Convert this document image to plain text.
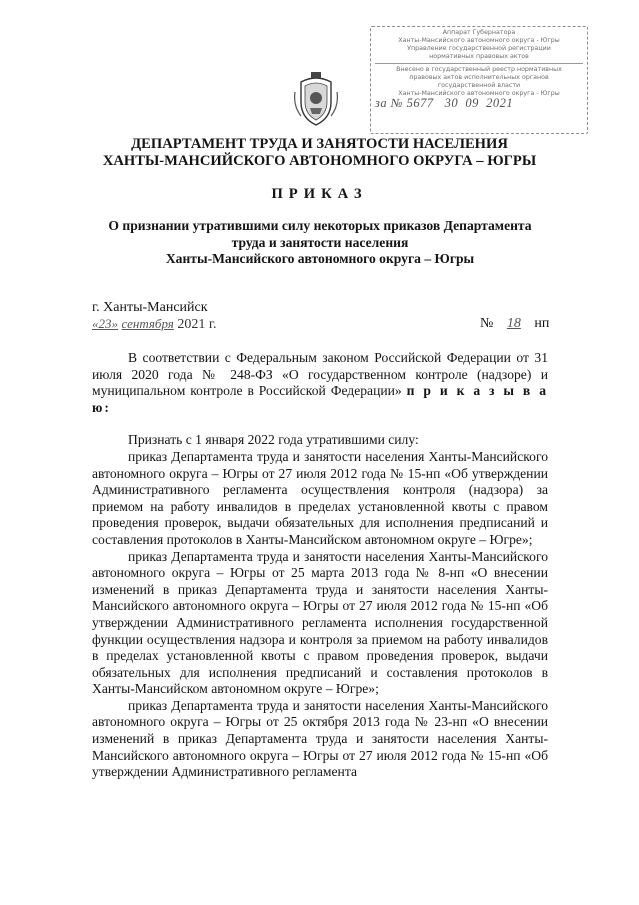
Аппарат Губернатора
Ханты-Мансийского автономного округа - Югры
Управление государственной регистрации
нормативных правовых актов
Внесено в государственный реестр нормативных
правовых актов исполнительных органов
государственной власти
Ханты-Мансийского автономного округа - Югры
за № 5677 30 09 2021
ДЕПАРТАМЕНТ ТРУДА И ЗАНЯТОСТИ НАСЕЛЕНИЯ
ХАНТЫ-МАНСИЙСКОГО АВТОНОМНОГО ОКРУГА – ЮГРЫ
ПРИКАЗ
О признании утратившими силу некоторых приказов Департамента
труда и занятости населения
Ханты-Мансийского автономного округа – Югры
г. Ханты-Мансийск
«23» сентября 2021 г.	№ 18 нп

В соответствии с Федеральным законом Российской Федерации от 31 июля 2020 года № 248-ФЗ «О государственном контроле (надзоре) и муниципальном контроле в Российской Федерации» п р и к а з ы в а ю:

Признать с 1 января 2022 года утратившими силу:

приказ Департамента труда и занятости населения Ханты-Мансийского автономного округа – Югры от 27 июля 2012 года № 15-нп «Об утверждении Административного регламента осуществления контроля (надзора) за приемом на работу инвалидов в пределах установленной квоты с правом проведения проверок, выдачи обязательных для исполнения предписаний и составления протоколов в Ханты-Мансийском автономном округе – Югре»;

приказ Департамента труда и занятости населения Ханты-Мансийского автономного округа – Югры от 25 марта 2013 года № 8-нп «О внесении изменений в приказ Департамента труда и занятости населения Ханты-Мансийского автономного округа – Югры от 27 июля 2012 года № 15-нп «Об утверждении Административного регламента исполнения государственной функции осуществления надзора и контроля за приемом на работу инвалидов в пределах установленной квоты с правом проведения проверок, выдачи обязательных для исполнения предписаний и составления протоколов в Ханты-Мансийском автономном округе – Югре»;

приказ Департамента труда и занятости населения Ханты-Мансийского автономного округа – Югры от 25 октября 2013 года № 23-нп «О внесении изменений в приказ Департамента труда и занятости населения Ханты-Мансийского автономного округа – Югры от 27 июля 2012 года № 15-нп «Об утверждении Административного регламента
